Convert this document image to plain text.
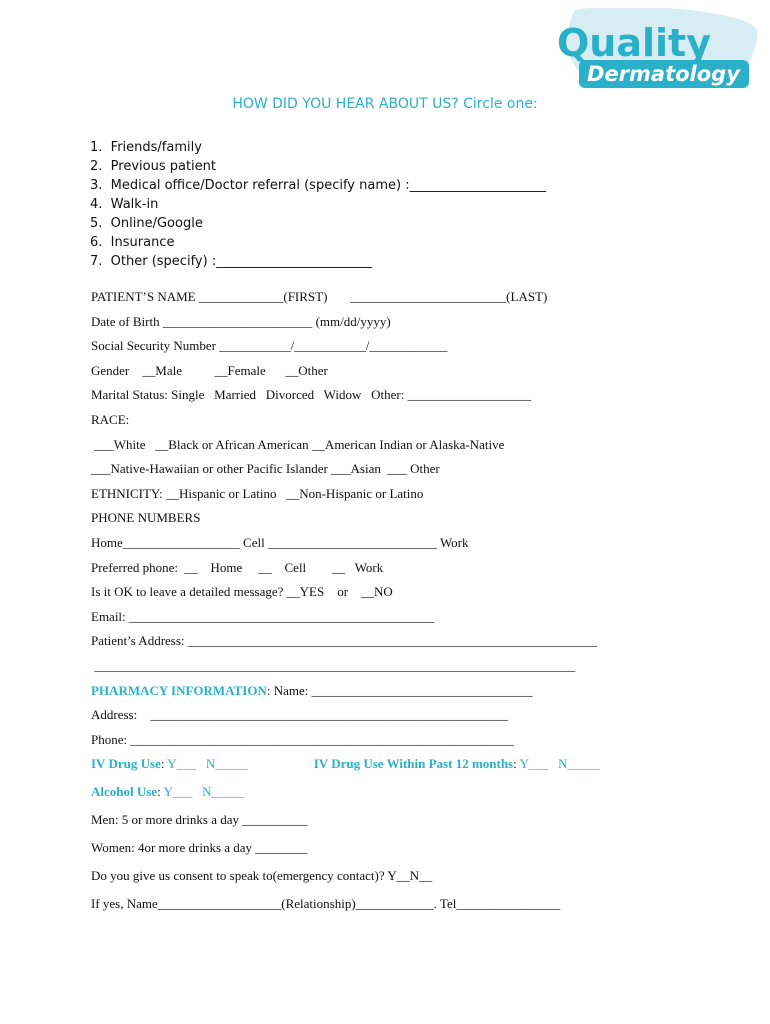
Quality
Dermatology
HOW DID YOU HEAR ABOUT US? Circle one:
1.  Friends/family
2.  Previous patient
3.  Medical office/Doctor referral (specify name) :_____________________
4.  Walk-in
5.  Online/Google
6.  Insurance
7.  Other (specify) :________________________
PATIENT’S NAME _____________(FIRST)       ________________________(LAST)
Date of Birth _______________________ (mm/dd/yyyy)
Social Security Number ___________/___________/____________
Gender    __Male          __Female      __Other
Marital Status: Single   Married   Divorced   Widow   Other: ___________________
RACE:
___White   __Black or African American __American Indian or Alaska-Native
___Native-Hawaiian or other Pacific Islander ___Asian  ___ Other
ETHNICITY: __Hispanic or Latino   __Non-Hispanic or Latino
PHONE NUMBERS
Home__________________ Cell __________________________ Work
Preferred phone:  __    Home     __    Cell        __   Work
Is it OK to leave a detailed message? __YES    or    __NO
Email: _______________________________________________
Patient’s Address: _______________________________________________________________
__________________________________________________________________________
PHARMACY INFORMATION: Name: __________________________________
Address:    _______________________________________________________
Phone: ___________________________________________________________
IV Drug Use: Y___   N_____	IV Drug Use Within Past 12 months: Y___   N_____
Alcohol Use: Y___   N_____
Men: 5 or more drinks a day __________
Women: 4or more drinks a day ________
Do you give us consent to speak to(emergency contact)? Y__N__
If yes, Name___________________(Relationship)____________. Tel________________
